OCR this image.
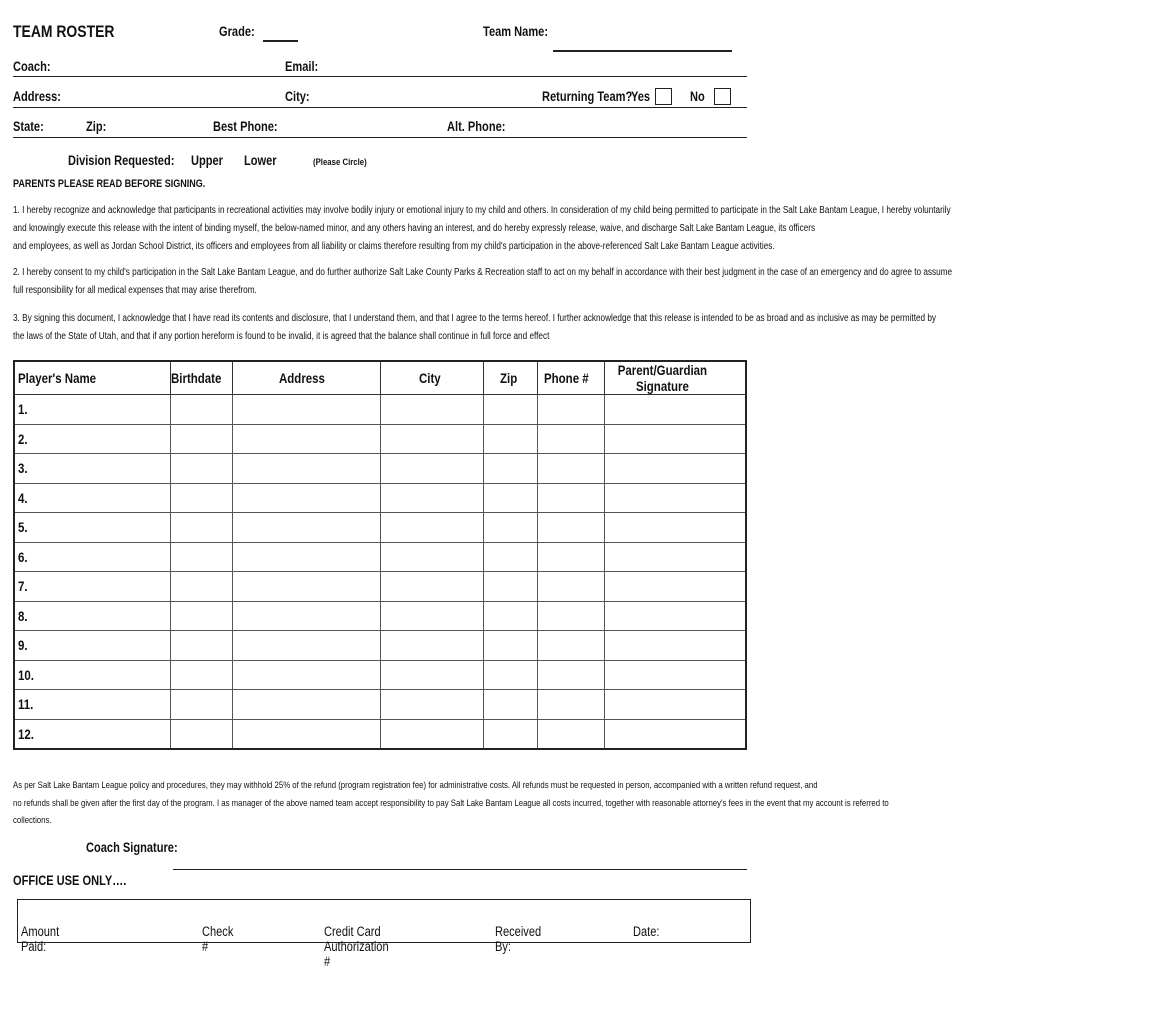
TEAM ROSTER	Grade:	Team Name:
Coach:	Email:
Address:	City:	Returning Team?
Yes	No
State:	Zip:	Best Phone:	Alt. Phone:
Division Requested:	Upper	Lower	(Please Circle)
PARENTS PLEASE READ BEFORE SIGNING.
1. I hereby recognize and acknowledge that participants in recreational activities may involve bodily injury or emotional injury to my child and others. In consideration of my child being permitted to participate in the Salt Lake Bantam League, I hereby voluntarily
and knowingly execute this release with the intent of binding myself, the below-named minor, and any others having an interest, and do hereby expressly release, waive, and discharge Salt Lake Bantam League, its officers
and employees, as well as Jordan School District, its officers and employees from all liability or claims therefore resulting from my child's participation in the above-referenced Salt Lake Bantam League activities.
2. I hereby consent to my child's participation in the Salt Lake Bantam League, and do further authorize Salt Lake County Parks & Recreation staff to act on my behalf in accordance with their best judgment in the case of an emergency and do agree to assume
full responsibility for all medical expenses that may arise therefrom.
3. By signing this document, I acknowledge that I have read its contents and disclosure, that I understand them, and that I agree to the terms hereof. I further acknowledge that this release is intended to be as broad and as inclusive as may be permitted by
the laws of the State of Utah, and that if any portion hereform is found to be invalid, it is agreed that the balance shall continue in full force and effect
Player's Name	Birthdate	Address	City	Zip	Phone #	Parent/Guardian Signature
1.						
2.						
3.						
4.						
5.						
6.						
7.						
8.						
9.						
10.						
11.						
12.						
As per Salt Lake Bantam League policy and procedures, they may withhold 25% of the refund (program registration fee) for administrative costs. All refunds must be requested in person, accompanied with a written refund request, and
no refunds shall be given after the first day of the program. I as manager of the above named team accept responsibility to pay Salt Lake Bantam League all costs incurred, together with reasonable attorney's fees in the event that my account is referred to
collections.
Coach Signature:
OFFICE USE ONLY….
Amount Paid:
Check #
Credit Card Authorization #
Received By:
Date:
